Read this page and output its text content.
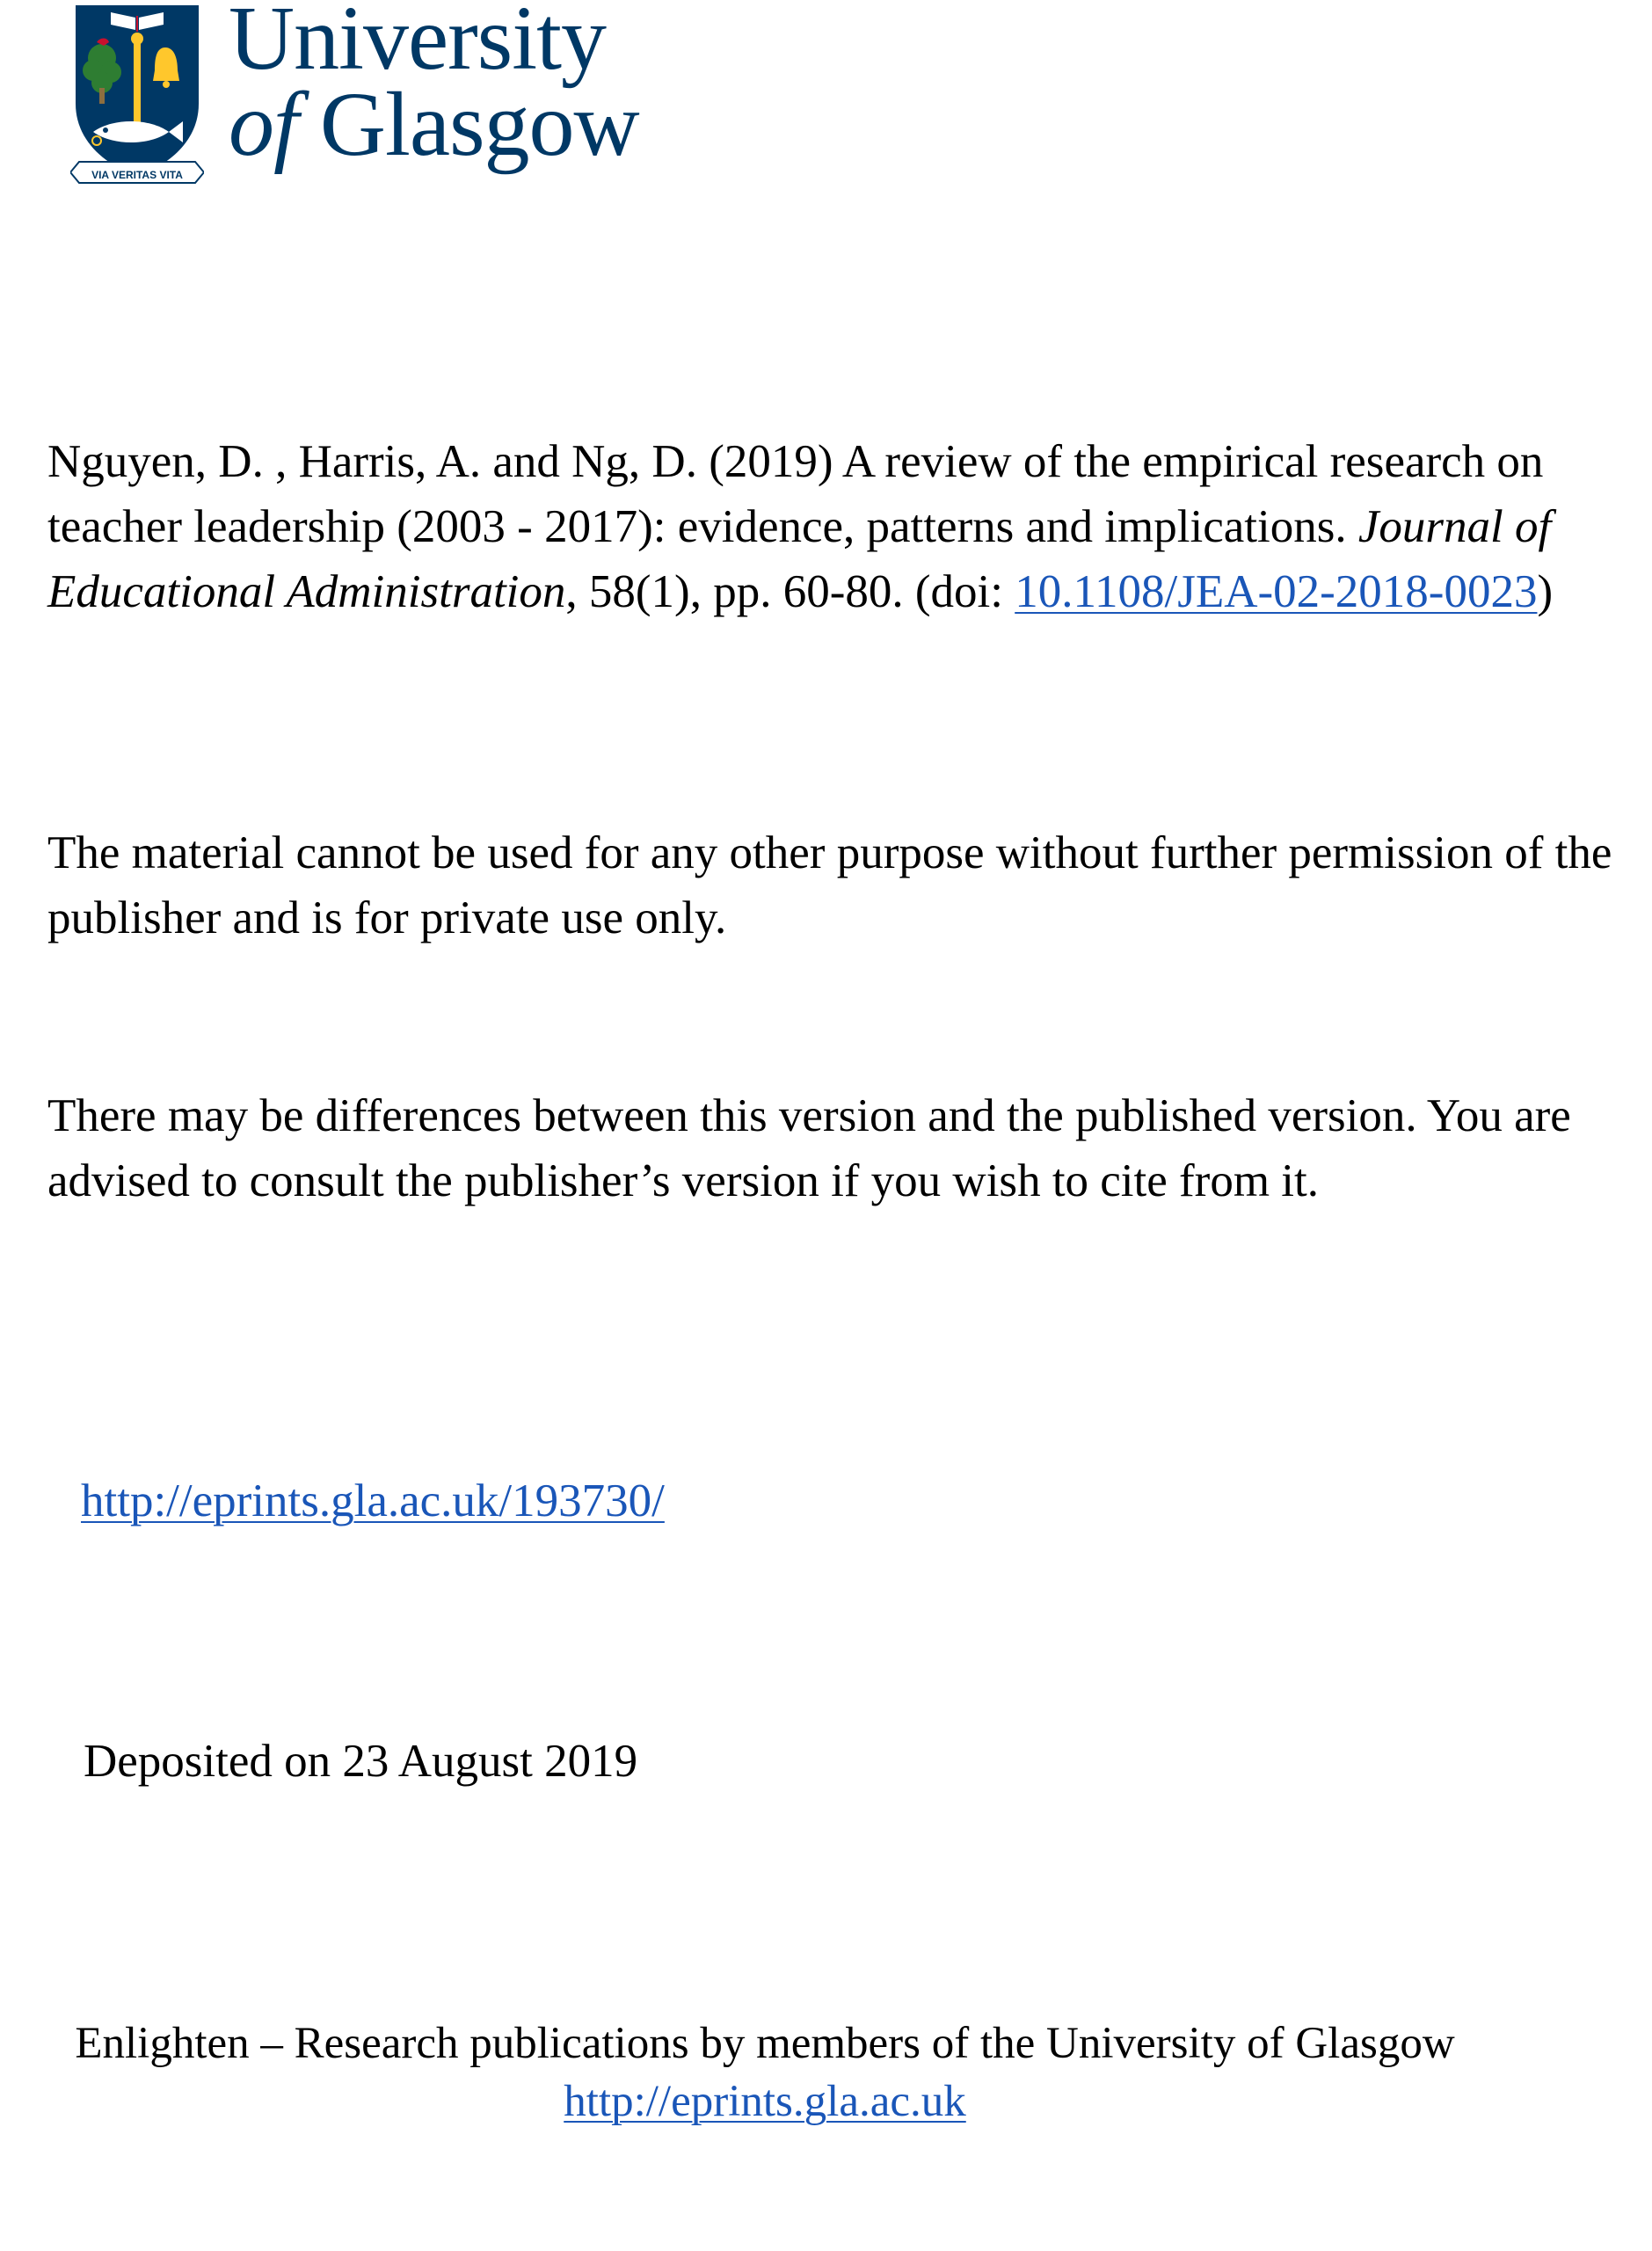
VIA VERITAS VITA
University
of Glasgow
Nguyen, D. , Harris, A. and Ng, D. (2019) A review of the empirical research on teacher leadership (2003 - 2017): evidence, patterns and implications. Journal of Educational Administration, 58(1), pp. 60-80. (doi: 10.1108/JEA-02-2018-0023)
The material cannot be used for any other purpose without further permission of the publisher and is for private use only.
There may be differences between this version and the published version. You are advised to consult the publisher’s version if you wish to cite from it.
http://eprints.gla.ac.uk/193730/
Deposited on 23 August 2019
Enlighten – Research publications by members of the University of Glasgow
http://eprints.gla.ac.uk
